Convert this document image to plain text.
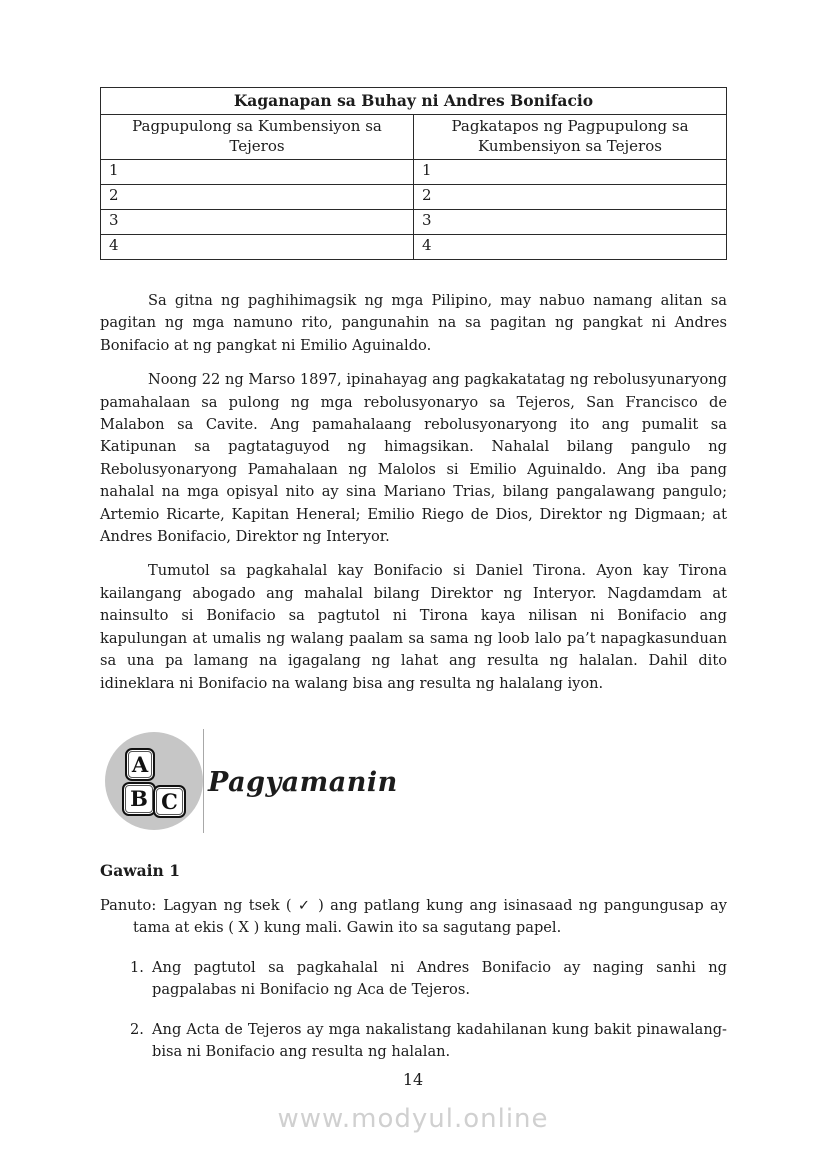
Kaganapan sa Buhay ni Andres Bonifacio	
Pagpupulong sa Kumbensiyon sa Tejeros	Pagkatapos ng Pagpupulong sa Kumbensiyon sa Tejeros
1	1
2	2
3	3
4	4

Sa gitna ng paghihimagsik ng mga Pilipino, may nabuo namang alitan sa pagitan ng mga namuno rito, pangunahin na sa pagitan ng pangkat ni Andres Bonifacio at ng pangkat ni Emilio Aguinaldo.

Noong 22 ng Marso 1897, ipinahayag ang pagkakatatag ng rebolusyunaryong pamahalaan sa pulong ng mga rebolusyonaryo sa Tejeros, San Francisco de Malabon sa Cavite. Ang pamahalaang rebolusyonaryong ito ang pumalit sa Katipunan sa pagtataguyod ng himagsikan. Nahalal bilang pangulo ng Rebolusyonaryong Pamahalaan ng Malolos si Emilio Aguinaldo. Ang iba pang nahalal na mga opisyal nito ay sina Mariano Trias, bilang pangalawang pangulo; Artemio Ricarte, Kapitan Heneral; Emilio Riego de Dios, Direktor ng Digmaan; at Andres Bonifacio, Direktor ng Interyor.

Tumutol sa pagkahalal kay Bonifacio si Daniel Tirona. Ayon kay Tirona kailangang abogado ang mahalal bilang Direktor ng Interyor. Nagdamdam at nainsulto si Bonifacio sa pagtutol ni Tirona kaya nilisan ni Bonifacio ang kapulungan at umalis ng walang paalam sa sama ng loob lalo pa’t napagkasunduan sa una pa lamang na igagalang ng lahat ang resulta ng halalan. Dahil dito idineklara ni Bonifacio na walang bisa ang resulta ng halalang iyon.

A
B C
Pagyamanin
Gawain 1

Panuto: Lagyan ng tsek ( ✓ ) ang patlang kung ang isinasaad ng pangungusap ay tama at ekis ( X ) kung mali. Gawin ito sa sagutang papel.

1. Ang pagtutol sa pagkahalal ni Andres Bonifacio ay naging sanhi ng pagpalabas ni Bonifacio ng Aca de Tejeros.
2. Ang Acta de Tejeros ay mga nakalistang kadahilanan kung bakit pinawalang-bisa ni Bonifacio ang resulta ng halalan.
14
www.modyul.online
